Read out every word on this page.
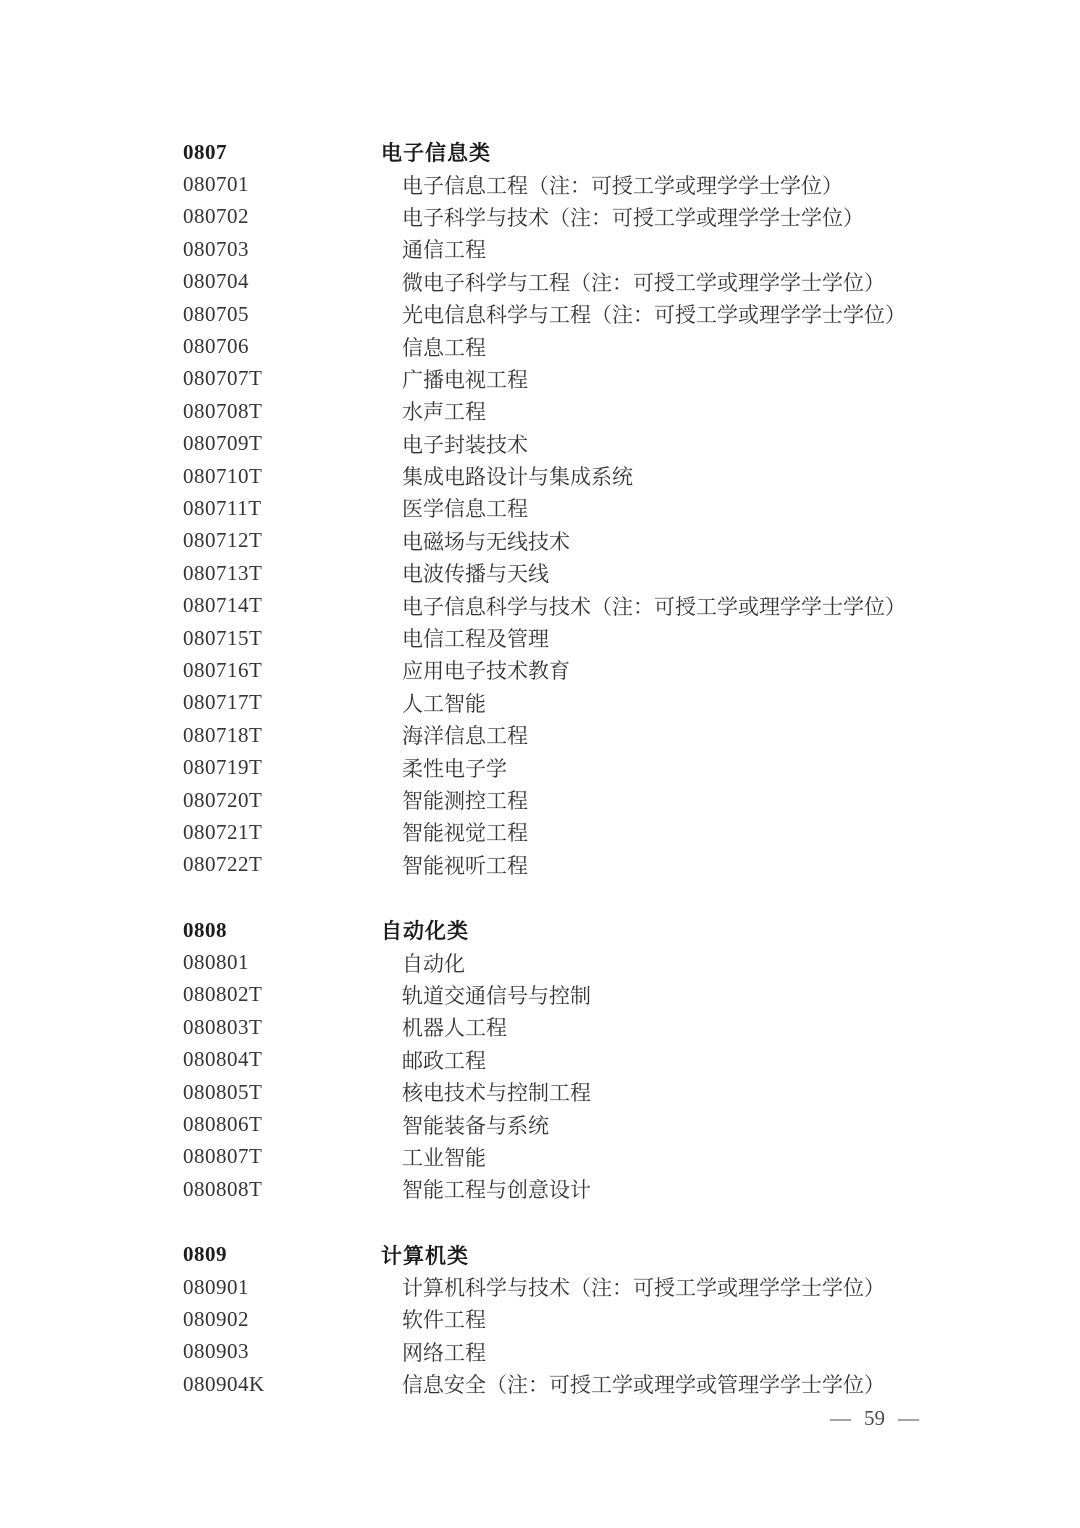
0807	电子信息类
080701	电子信息工程（注：可授工学或理学学士学位）
080702	电子科学与技术（注：可授工学或理学学士学位）
080703	通信工程
080704	微电子科学与工程（注：可授工学或理学学士学位）
080705	光电信息科学与工程（注：可授工学或理学学士学位）
080706	信息工程
080707T	广播电视工程
080708T	水声工程
080709T	电子封装技术
080710T	集成电路设计与集成系统
080711T	医学信息工程
080712T	电磁场与无线技术
080713T	电波传播与天线
080714T	电子信息科学与技术（注：可授工学或理学学士学位）
080715T	电信工程及管理
080716T	应用电子技术教育
080717T	人工智能
080718T	海洋信息工程
080719T	柔性电子学
080720T	智能测控工程
080721T	智能视觉工程
080722T	智能视听工程
0808	自动化类
080801	自动化
080802T	轨道交通信号与控制
080803T	机器人工程
080804T	邮政工程
080805T	核电技术与控制工程
080806T	智能装备与系统
080807T	工业智能
080808T	智能工程与创意设计
0809	计算机类
080901	计算机科学与技术（注：可授工学或理学学士学位）
080902	软件工程
080903	网络工程
080904K	信息安全（注：可授工学或理学或管理学学士学位）
— 59 —
